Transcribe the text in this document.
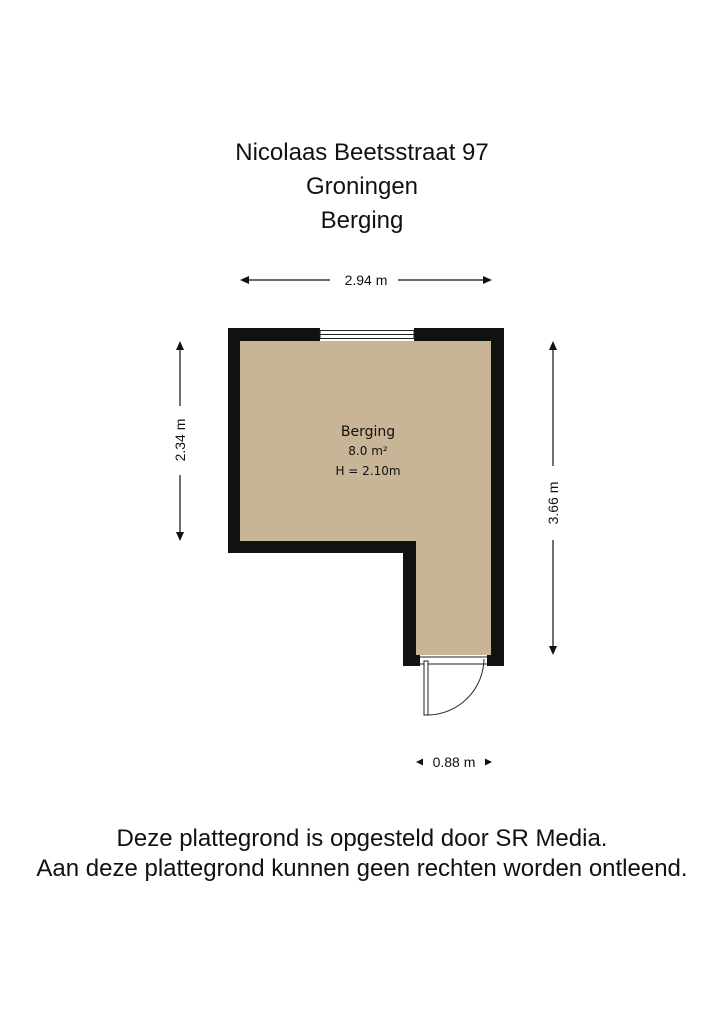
Nicolaas Beetsstraat 97
Groningen
Berging
2.94 m
2.34 m
3.66 m
0.88 m
Berging
8.0 m²
H = 2.10m
Deze plattegrond is opgesteld door SR Media.
Aan deze plattegrond kunnen geen rechten worden ontleend.
